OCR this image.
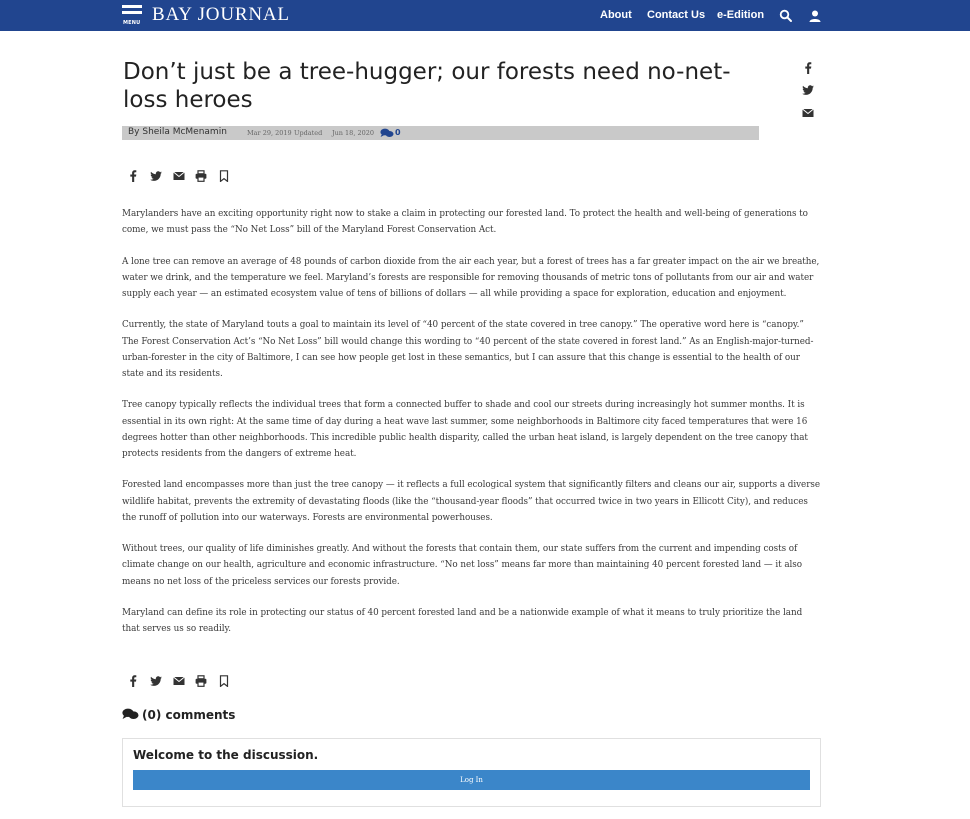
MENU BAY JOURNAL	About Contact Us e-Edition
Don’t just be a tree-hugger; our forests need no-net-loss heroes
By Sheila McMenamin	Mar 29, 2019 Updated Jun 18, 2020	0

Marylanders have an exciting opportunity right now to stake a claim in protecting our forested land. To protect the health and well-being of generations to come, we must pass the “No Net Loss” bill of the Maryland Forest Conservation Act.

A lone tree can remove an average of 48 pounds of carbon dioxide from the air each year, but a forest of trees has a far greater impact on the air we breathe, water we drink, and the temperature we feel. Maryland’s forests are responsible for removing thousands of metric tons of pollutants from our air and water supply each year — an estimated ecosystem value of tens of billions of dollars — all while providing a space for exploration, education and enjoyment.

Currently, the state of Maryland touts a goal to maintain its level of “40 percent of the state covered in tree canopy.” The operative word here is “canopy.” The Forest Conservation Act’s “No Net Loss” bill would change this wording to “40 percent of the state covered in forest land.” As an English-major-turned-urban-forester in the city of Baltimore, I can see how people get lost in these semantics, but I can assure that this change is essential to the health of our state and its residents.

Tree canopy typically reflects the individual trees that form a connected buffer to shade and cool our streets during increasingly hot summer months. It is essential in its own right: At the same time of day during a heat wave last summer, some neighborhoods in Baltimore city faced temperatures that were 16 degrees hotter than other neighborhoods. This incredible public health disparity, called the urban heat island, is largely dependent on the tree canopy that protects residents from the dangers of extreme heat.

Forested land encompasses more than just the tree canopy — it reflects a full ecological system that significantly filters and cleans our air, supports a diverse wildlife habitat, prevents the extremity of devastating floods (like the “thousand-year floods” that occurred twice in two years in Ellicott City), and reduces the runoff of pollution into our waterways. Forests are environmental powerhouses.

Without trees, our quality of life diminishes greatly. And without the forests that contain them, our state suffers from the current and impending costs of climate change on our health, agriculture and economic infrastructure. “No net loss” means far more than maintaining 40 percent forested land — it also means no net loss of the priceless services our forests provide.

Maryland can define its role in protecting our status of 40 percent forested land and be a nationwide example of what it means to truly prioritize the land that serves us so readily.

(0) comments
Welcome to the discussion.
Log In
